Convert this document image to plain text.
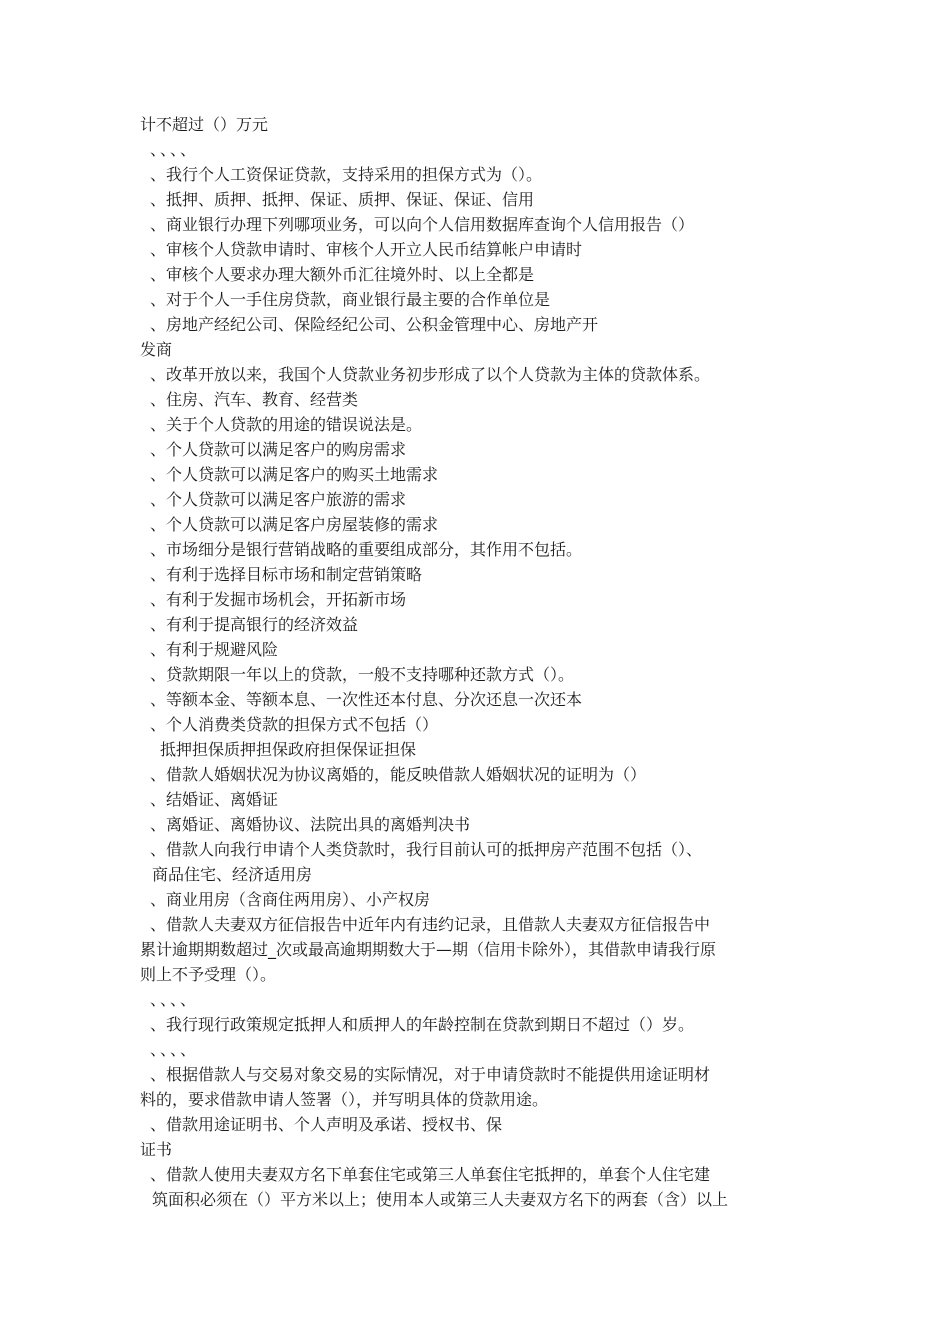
计不超过（）万元
、、、、
、我行个人工资保证贷款，支持采用的担保方式为（）。
、抵押、质押、抵押、保证、质押、保证、保证、信用
、商业银行办理下列哪项业务，可以向个人信用数据库查询个人信用报告（）
、审核个人贷款申请时、审核个人开立人民币结算帐户申请时
、审核个人要求办理大额外币汇往境外时、以上全都是
、对于个人一手住房贷款，商业银行最主要的合作单位是
、房地产经纪公司、保险经纪公司、公积金管理中心、房地产开
发商
、改革开放以来，我国个人贷款业务初步形成了以个人贷款为主体的贷款体系。
、住房、汽车、教育、经营类
、关于个人贷款的用途的错误说法是。
、个人贷款可以满足客户的购房需求
、个人贷款可以满足客户的购买土地需求
、个人贷款可以满足客户旅游的需求
、个人贷款可以满足客户房屋装修的需求
、市场细分是银行营销战略的重要组成部分，其作用不包括。
、有利于选择目标市场和制定营销策略
、有利于发掘市场机会，开拓新市场
、有利于提高银行的经济效益
、有利于规避风险
、贷款期限一年以上的贷款，一般不支持哪种还款方式（）。
、等额本金、等额本息、一次性还本付息、分次还息一次还本
、个人消费类贷款的担保方式不包括（）
抵押担保质押担保政府担保保证担保
、借款人婚姻状况为协议离婚的，能反映借款人婚姻状况的证明为（）
、结婚证、离婚证
、离婚证、离婚协议、法院出具的离婚判决书
、借款人向我行申请个人类贷款时，我行目前认可的抵押房产范围不包括（）、
商品住宅、经济适用房
、商业用房（含商住两用房）、小产权房
、借款人夫妻双方征信报告中近年内有违约记录，且借款人夫妻双方征信报告中
累计逾期期数超过_次或最高逾期期数大于—期（信用卡除外），其借款申请我行原
则上不予受理（）。
、、、、
、我行现行政策规定抵押人和质押人的年龄控制在贷款到期日不超过（）岁。
、、、、
、根据借款人与交易对象交易的实际情况，对于申请贷款时不能提供用途证明材
料的，要求借款申请人签署（），并写明具体的贷款用途。
、借款用途证明书、个人声明及承诺、授权书、保
证书
、借款人使用夫妻双方名下单套住宅或第三人单套住宅抵押的，单套个人住宅建
筑面积必须在（）平方米以上；使用本人或第三人夫妻双方名下的两套（含）以上
